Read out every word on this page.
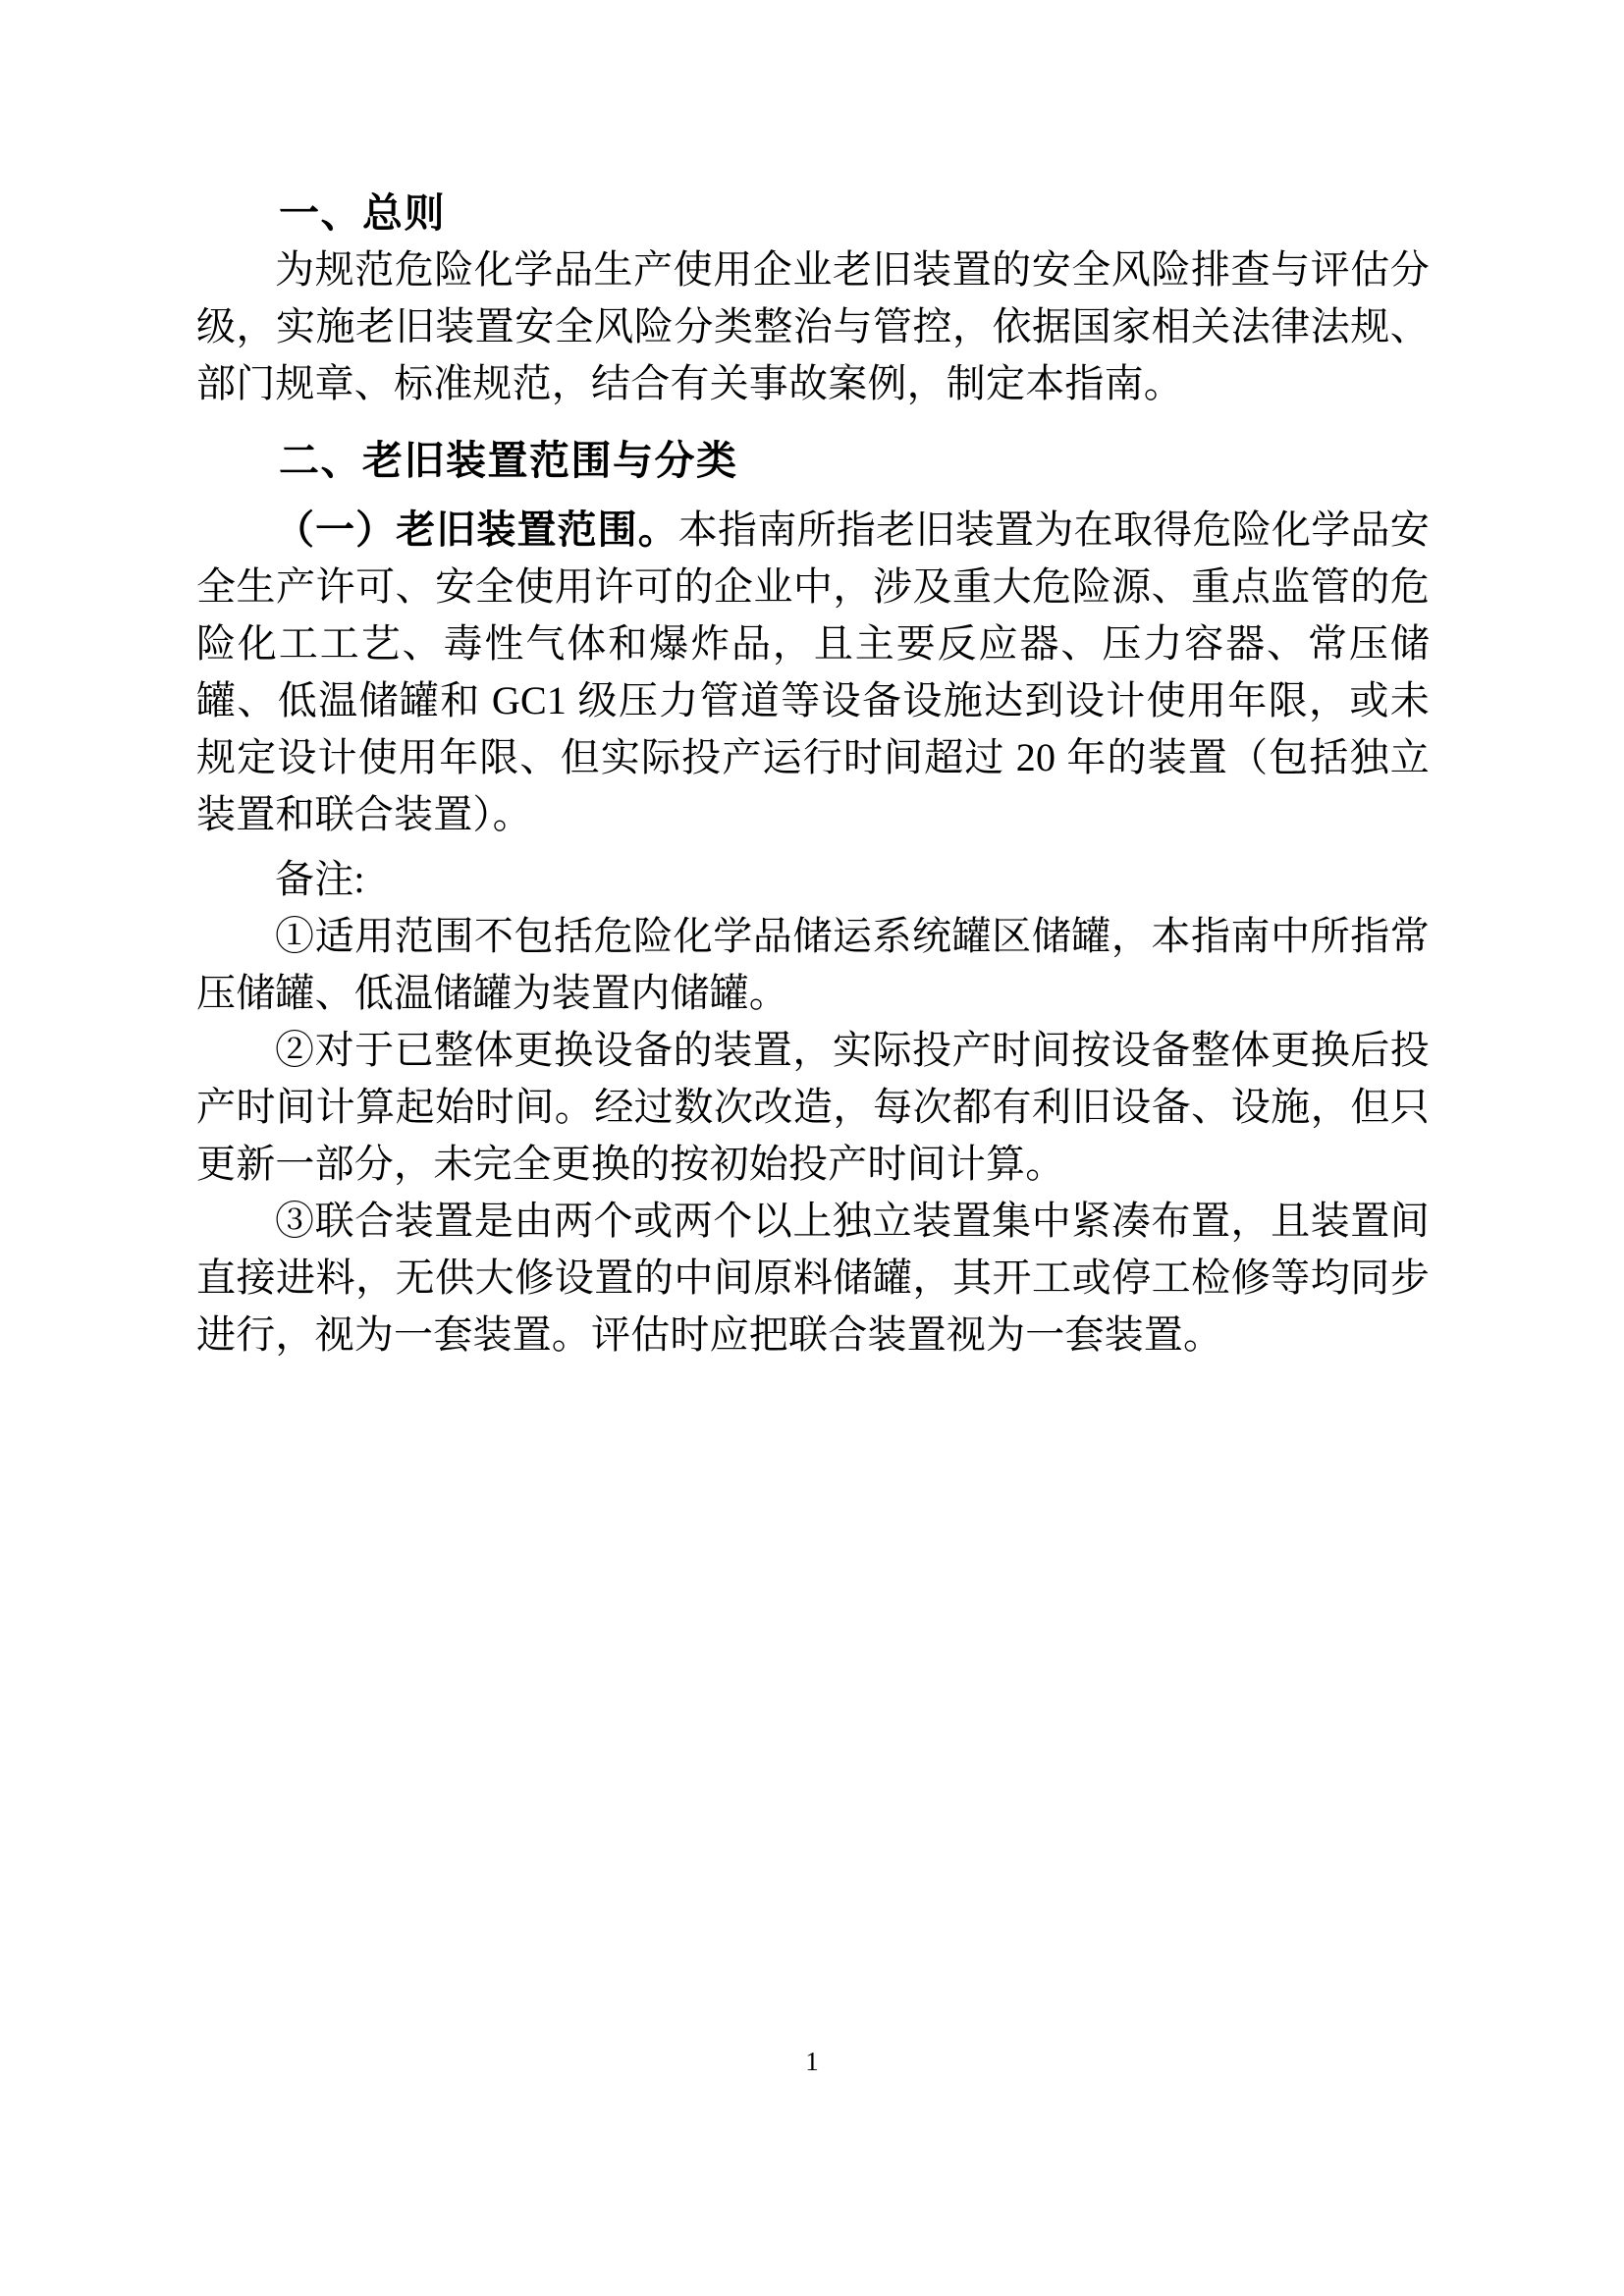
一、总则

为规范危险化学品生产使用企业老旧装置的安全风险排查与评估分级，实施老旧装置安全风险分类整治与管控，依据国家相关法律法规、部门规章、标准规范，结合有关事故案例，制定本指南。

二、老旧装置范围与分类

（一）老旧装置范围。本指南所指老旧装置为在取得危险化学品安全生产许可、安全使用许可的企业中，涉及重大危险源、重点监管的危险化工工艺、毒性气体和爆炸品，且主要反应器、压力容器、常压储罐、低温储罐和 GC1 级压力管道等设备设施达到设计使用年限，或未规定设计使用年限、但实际投产运行时间超过 20 年的装置（包括独立装置和联合装置）。

备注:

①适用范围不包括危险化学品储运系统罐区储罐，本指南中所指常压储罐、低温储罐为装置内储罐。

②对于已整体更换设备的装置，实际投产时间按设备整体更换后投产时间计算起始时间。经过数次改造，每次都有利旧设备、设施，但只更新一部分，未完全更换的按初始投产时间计算。

③联合装置是由两个或两个以上独立装置集中紧凑布置，且装置间直接进料，无供大修设置的中间原料储罐，其开工或停工检修等均同步进行，视为一套装置。评估时应把联合装置视为一套装置。

1
